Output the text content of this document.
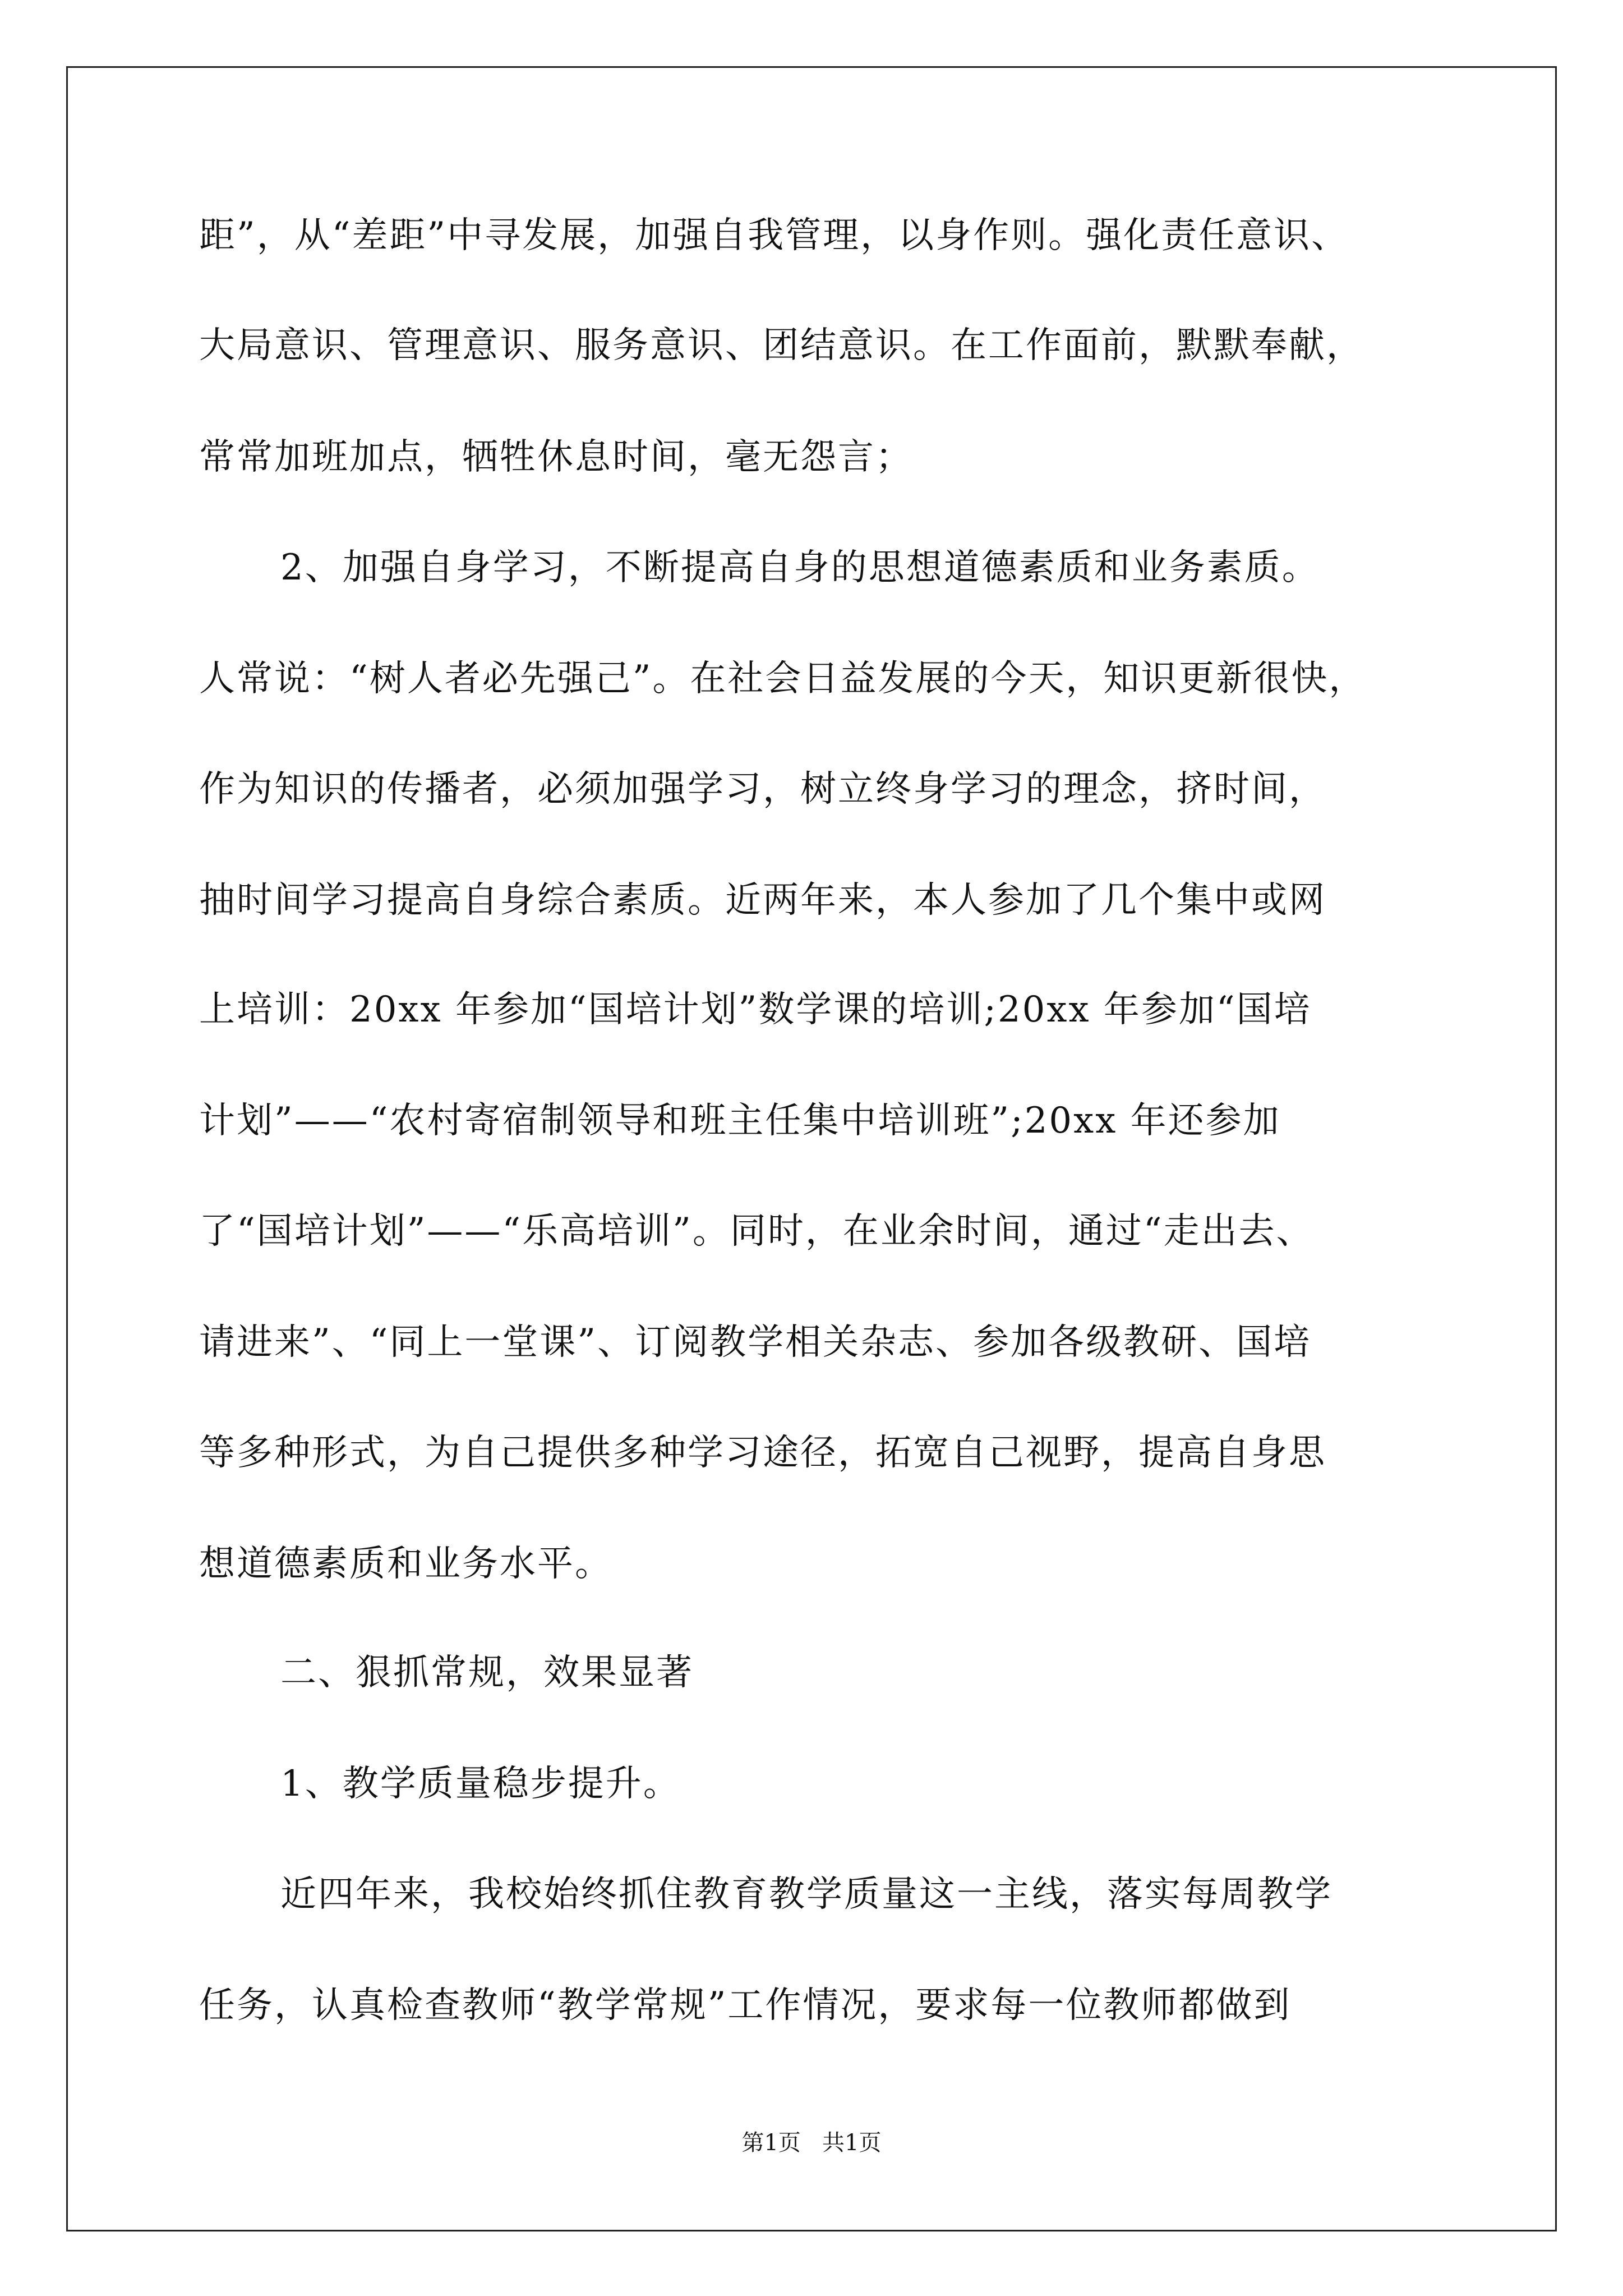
距”，从“差距”中寻发展，加强自我管理，以身作则。强化责任意识、
大局意识、管理意识、服务意识、团结意识。在工作面前，默默奉献，
常常加班加点，牺牲休息时间，毫无怨言；
2、加强自身学习，不断提高自身的思想道德素质和业务素质。
人常说：“树人者必先强己”。在社会日益发展的今天，知识更新很快，
作为知识的传播者，必须加强学习，树立终身学习的理念，挤时间，
抽时间学习提高自身综合素质。近两年来，本人参加了几个集中或网
上培训：20xx 年参加“国培计划”数学课的培训;20xx 年参加“国培
计划”——“农村寄宿制领导和班主任集中培训班”;20xx 年还参加
了“国培计划”——“乐高培训”。同时，在业余时间，通过“走出去、
请进来”、“同上一堂课”、订阅教学相关杂志、参加各级教研、国培
等多种形式，为自己提供多种学习途径，拓宽自己视野，提高自身思
想道德素质和业务水平。
二、狠抓常规，效果显著
1、教学质量稳步提升。
近四年来，我校始终抓住教育教学质量这一主线，落实每周教学
任务，认真检查教师“教学常规”工作情况，要求每一位教师都做到
第1页   共1页
